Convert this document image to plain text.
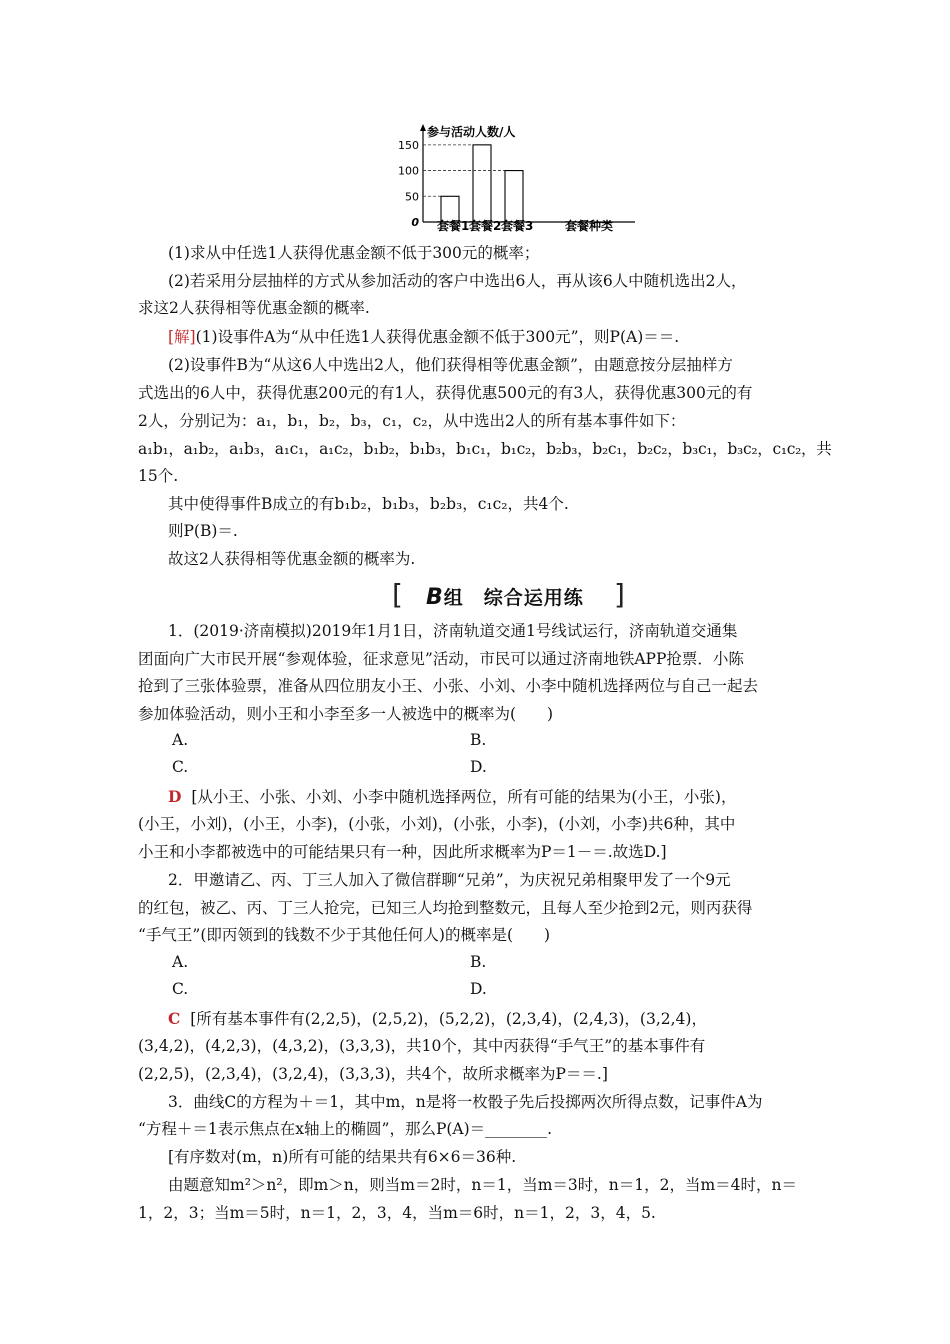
参与活动人数/人
套餐种类
150
100
50
0 套餐1 套餐2 套餐3
(1)求从中任选1人获得优惠金额不低于300元的概率；
(2)若采用分层抽样的方式从参加活动的客户中选出6人，再从该6人中随机选出2人，
求这2人获得相等优惠金额的概率.
[解](1)设事件A为“从中任选1人获得优惠金额不低于300元”，则P(A)＝＝.
(2)设事件B为“从这6人中选出2人，他们获得相等优惠金额”，由题意按分层抽样方
式选出的6人中，获得优惠200元的有1人，获得优惠500元的有3人，获得优惠300元的有
2人，分别记为：a₁，b₁，b₂，b₃，c₁，c₂，从中选出2人的所有基本事件如下：
a₁b₁，a₁b₂，a₁b₃，a₁c₁，a₁c₂，b₁b₂，b₁b₃，b₁c₁，b₁c₂，b₂b₃，b₂c₁，b₂c₂，b₃c₁，b₃c₂，c₁c₂，共
15个.
其中使得事件B成立的有b₁b₂，b₁b₃，b₂b₃，c₁c₂，共4个.
则P(B)＝.
故这2人获得相等优惠金额的概率为.
[ B组　综合运用练 ]
1．(2019·济南模拟)2019年1月1日，济南轨道交通1号线试运行，济南轨道交通集
团面向广大市民开展“参观体验，征求意见”活动，市民可以通过济南地铁APP抢票．小陈
抢到了三张体验票，准备从四位朋友小王、小张、小刘、小李中随机选择两位与自己一起去
参加体验活动，则小王和小李至多一人被选中的概率为(　　)
A.	B.
C.	D.
D [从小王、小张、小刘、小李中随机选择两位，所有可能的结果为(小王，小张)，
(小王，小刘)，(小王，小李)，(小张，小刘)，(小张，小李)，(小刘，小李)共6种，其中
小王和小李都被选中的可能结果只有一种，因此所求概率为P＝1－＝.故选D.]
2．甲邀请乙、丙、丁三人加入了微信群聊“兄弟”，为庆祝兄弟相聚甲发了一个9元
的红包，被乙、丙、丁三人抢完，已知三人均抢到整数元，且每人至少抢到2元，则丙获得
“手气王”(即丙领到的钱数不少于其他任何人)的概率是(　　)
A.	B.
C.	D.
C [所有基本事件有(2,2,5)，(2,5,2)，(5,2,2)，(2,3,4)，(2,4,3)，(3,2,4)，
(3,4,2)，(4,2,3)，(4,3,2)，(3,3,3)，共10个，其中丙获得“手气王”的基本事件有
(2,2,5)，(2,3,4)，(3,2,4)，(3,3,3)，共4个，故所求概率为P＝＝.]
3．曲线C的方程为＋＝1，其中m，n是将一枚骰子先后投掷两次所得点数，记事件A为
“方程＋＝1表示焦点在x轴上的椭圆”，那么P(A)＝________.
[有序数对(m，n)所有可能的结果共有6×6＝36种.
由题意知m²＞n²，即m＞n，则当m＝2时，n＝1，当m＝3时，n＝1，2，当m＝4时，n＝
1，2，3；当m＝5时，n＝1，2，3，4，当m＝6时，n＝1，2，3，4，5.
